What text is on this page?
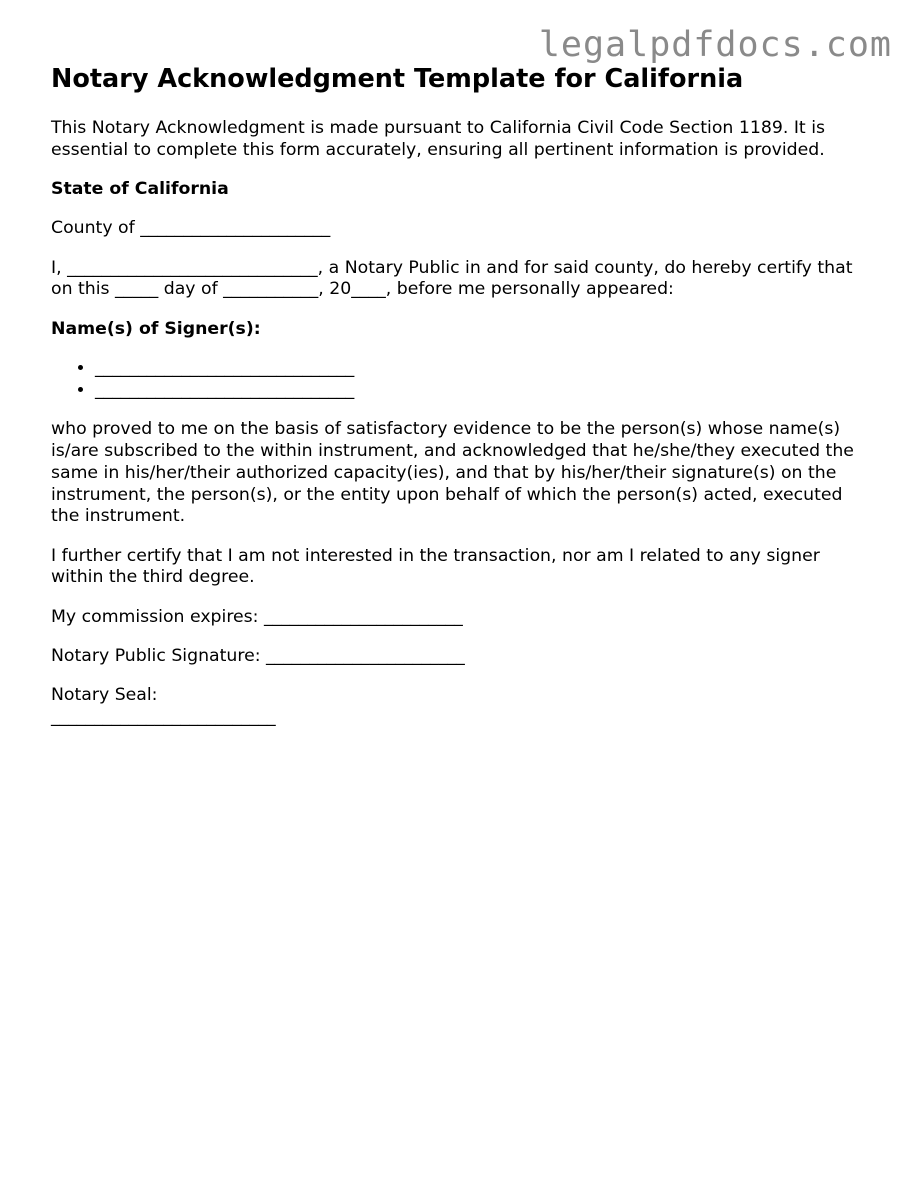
legalpdfdocs.com
Notary Acknowledgment Template for California

This Notary Acknowledgment is made pursuant to California Civil Code Section 1189. It is essential to complete this form accurately, ensuring all pertinent information is provided.

State of California

County of ______________________

I, _____________________________, a Notary Public in and for said county, do hereby certify that on this _____ day of ___________, 20____, before me personally appeared:

Name(s) of Signer(s):

• ______________________________
• ______________________________

who proved to me on the basis of satisfactory evidence to be the person(s) whose name(s) is/are subscribed to the within instrument, and acknowledged that he/she/they executed the same in his/her/their authorized capacity(ies), and that by his/her/their signature(s) on the instrument, the person(s), or the entity upon behalf of which the person(s) acted, executed the instrument.

I further certify that I am not interested in the transaction, nor am I related to any signer within the third degree.

My commission expires: _______________________

Notary Public Signature: _______________________

Notary Seal:
__________________________
